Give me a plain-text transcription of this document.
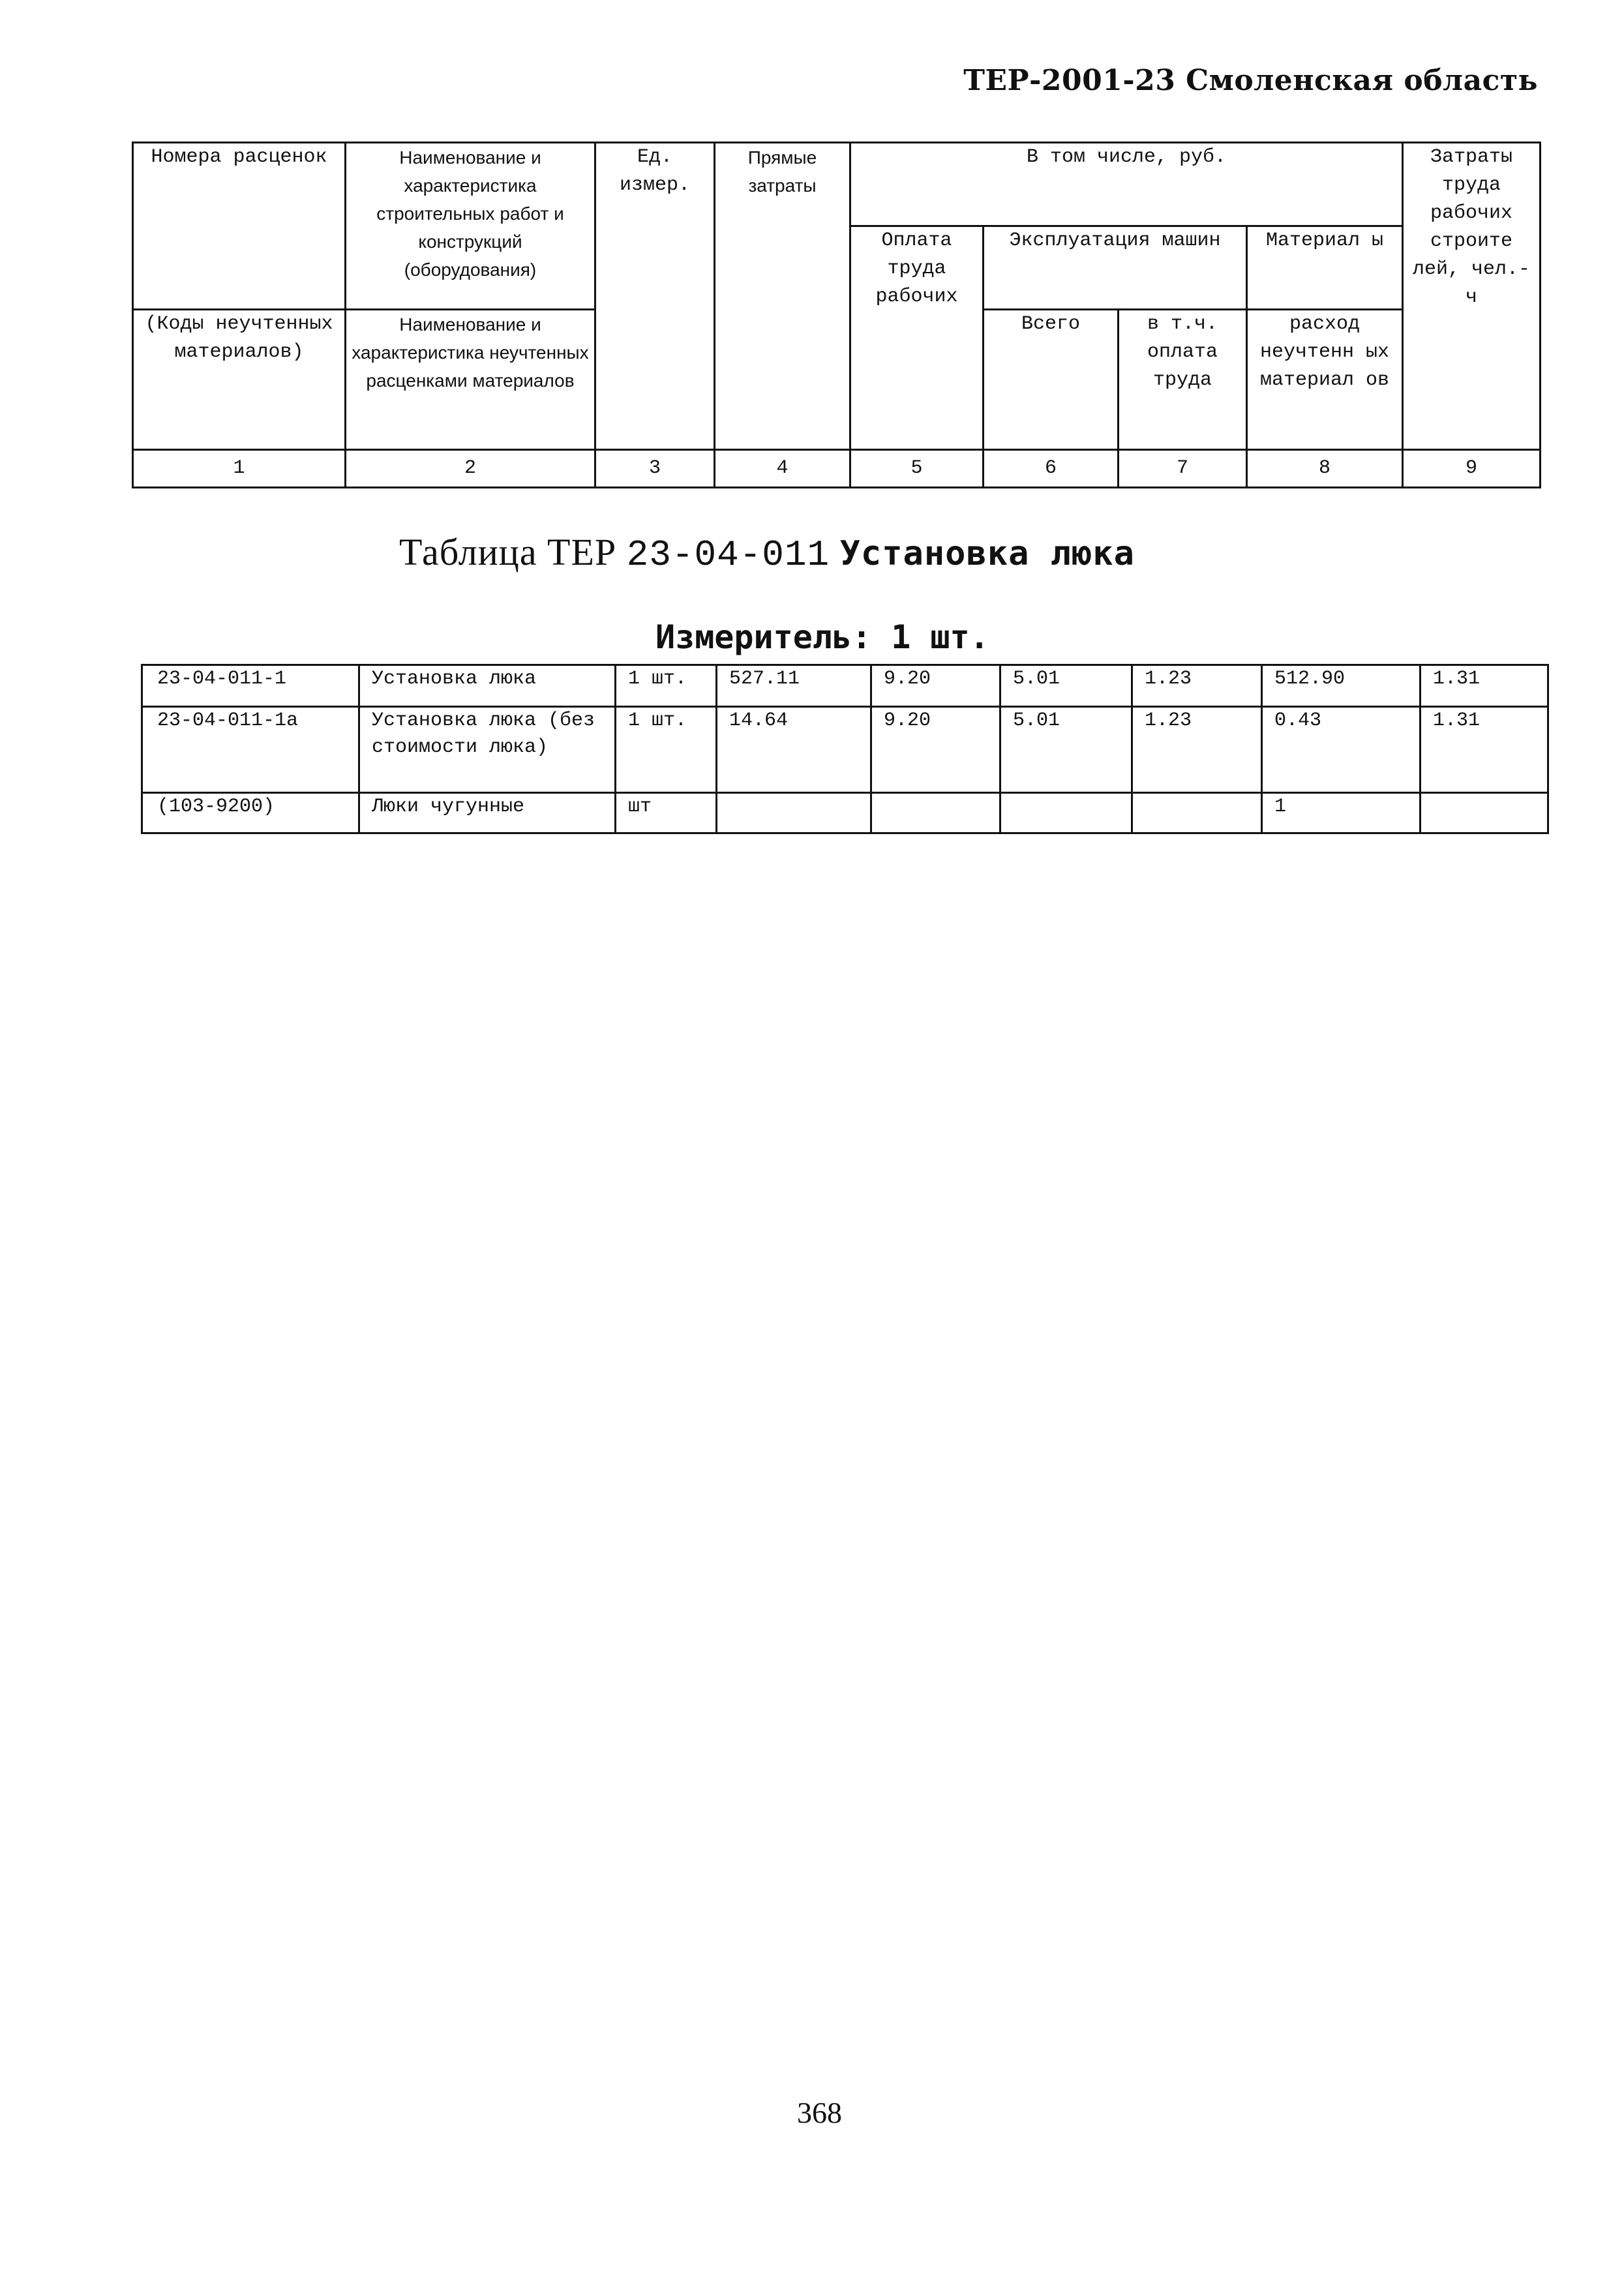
ТЕР-2001-23 Смоленская область
Номера расценок	Наименование и характеристика строительных работ и конструкций (оборудования)	Ед. измер.	Прямые затраты	В том числе, руб.				Затраты труда рабочих строите лей, чел.-ч
				Оплата труда рабочих	Эксплуатация машин		Материал ы	
(Коды неучтенных материалов)	Наименование и характеристика неучтенных расценками материалов				Всего	в т.ч. оплата труда	расход неучтенн ых материал ов	
1	2	3	4	5	6	7	8	9
Таблица ТЕР 23-04-011 Установка люка
Измеритель: 1 шт.
23-04-011-1	Установка люка	1 шт.	527.11	9.20	5.01	1.23	512.90	1.31
23-04-011-1а	Установка люка (без стоимости люка)	1 шт.	14.64	9.20	5.01	1.23	0.43	1.31
(103-9200)	Люки чугунные	шт					1	
368
